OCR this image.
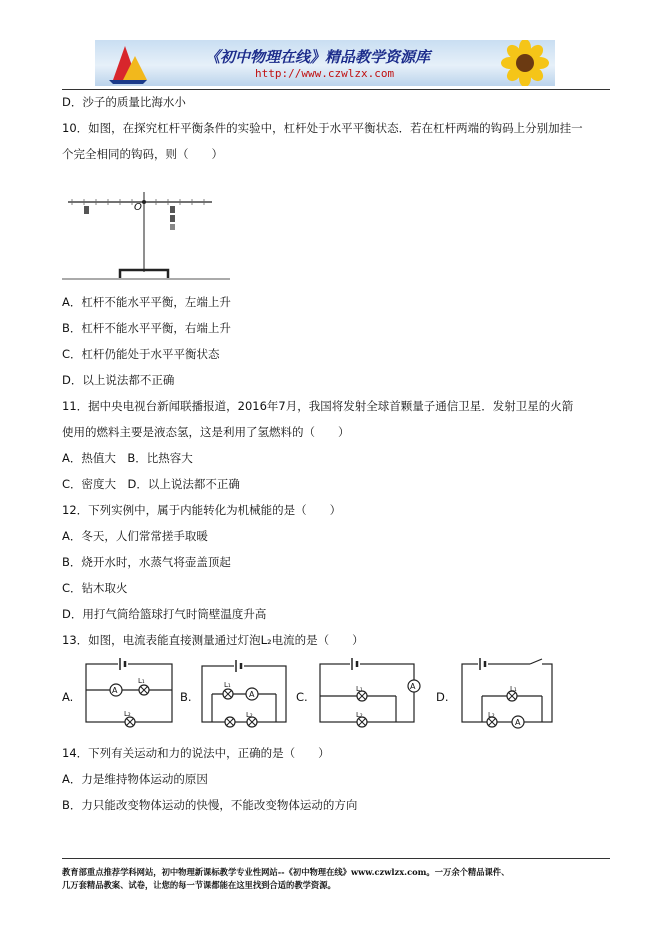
《初中物理在线》精品教学资源库
http://www.czwlzx.com
D．沙子的质量比海水小
10．如图，在探究杠杆平衡条件的实验中，杠杆处于水平平衡状态．若在杠杆两端的钩码上分别加挂一
个完全相同的钩码，则（　　）
O
A．杠杆不能水平平衡，左端上升
B．杠杆不能水平平衡，右端上升
C．杠杆仍能处于水平平衡状态
D．以上说法都不正确
11．据中央电视台新闻联播报道，2016年7月，我国将发射全球首颗量子通信卫星．发射卫星的火箭
使用的燃料主要是液态氢，这是利用了氢燃料的（　　）
A．热值大　B．比热容大
C．密度大　D．以上说法都不正确
12．下列实例中，属于内能转化为机械能的是（　　）
A．冬天，人们常常搓手取暖
B．烧开水时，水蒸气将壶盖顶起
C．钻木取火
D．用打气筒给篮球打气时筒壁温度升高
13．如图，电流表能直接测量通过灯泡L₂电流的是（　　）
A.	A
L₁
L₂
B.	A
L₁
L₂
C.
A
L₁
L₂
D.
A
L₁
L₂
14．下列有关运动和力的说法中，正确的是（　　）
A．力是维持物体运动的原因
B．力只能改变物体运动的快慢，不能改变物体运动的方向
教育部重点推荐学科网站，初中物理新课标教学专业性网站--《初中物理在线》www.czwlzx.com。一万余个精品课件、
几万套精品教案、试卷，让您的每一节课都能在这里找到合适的教学资源。
